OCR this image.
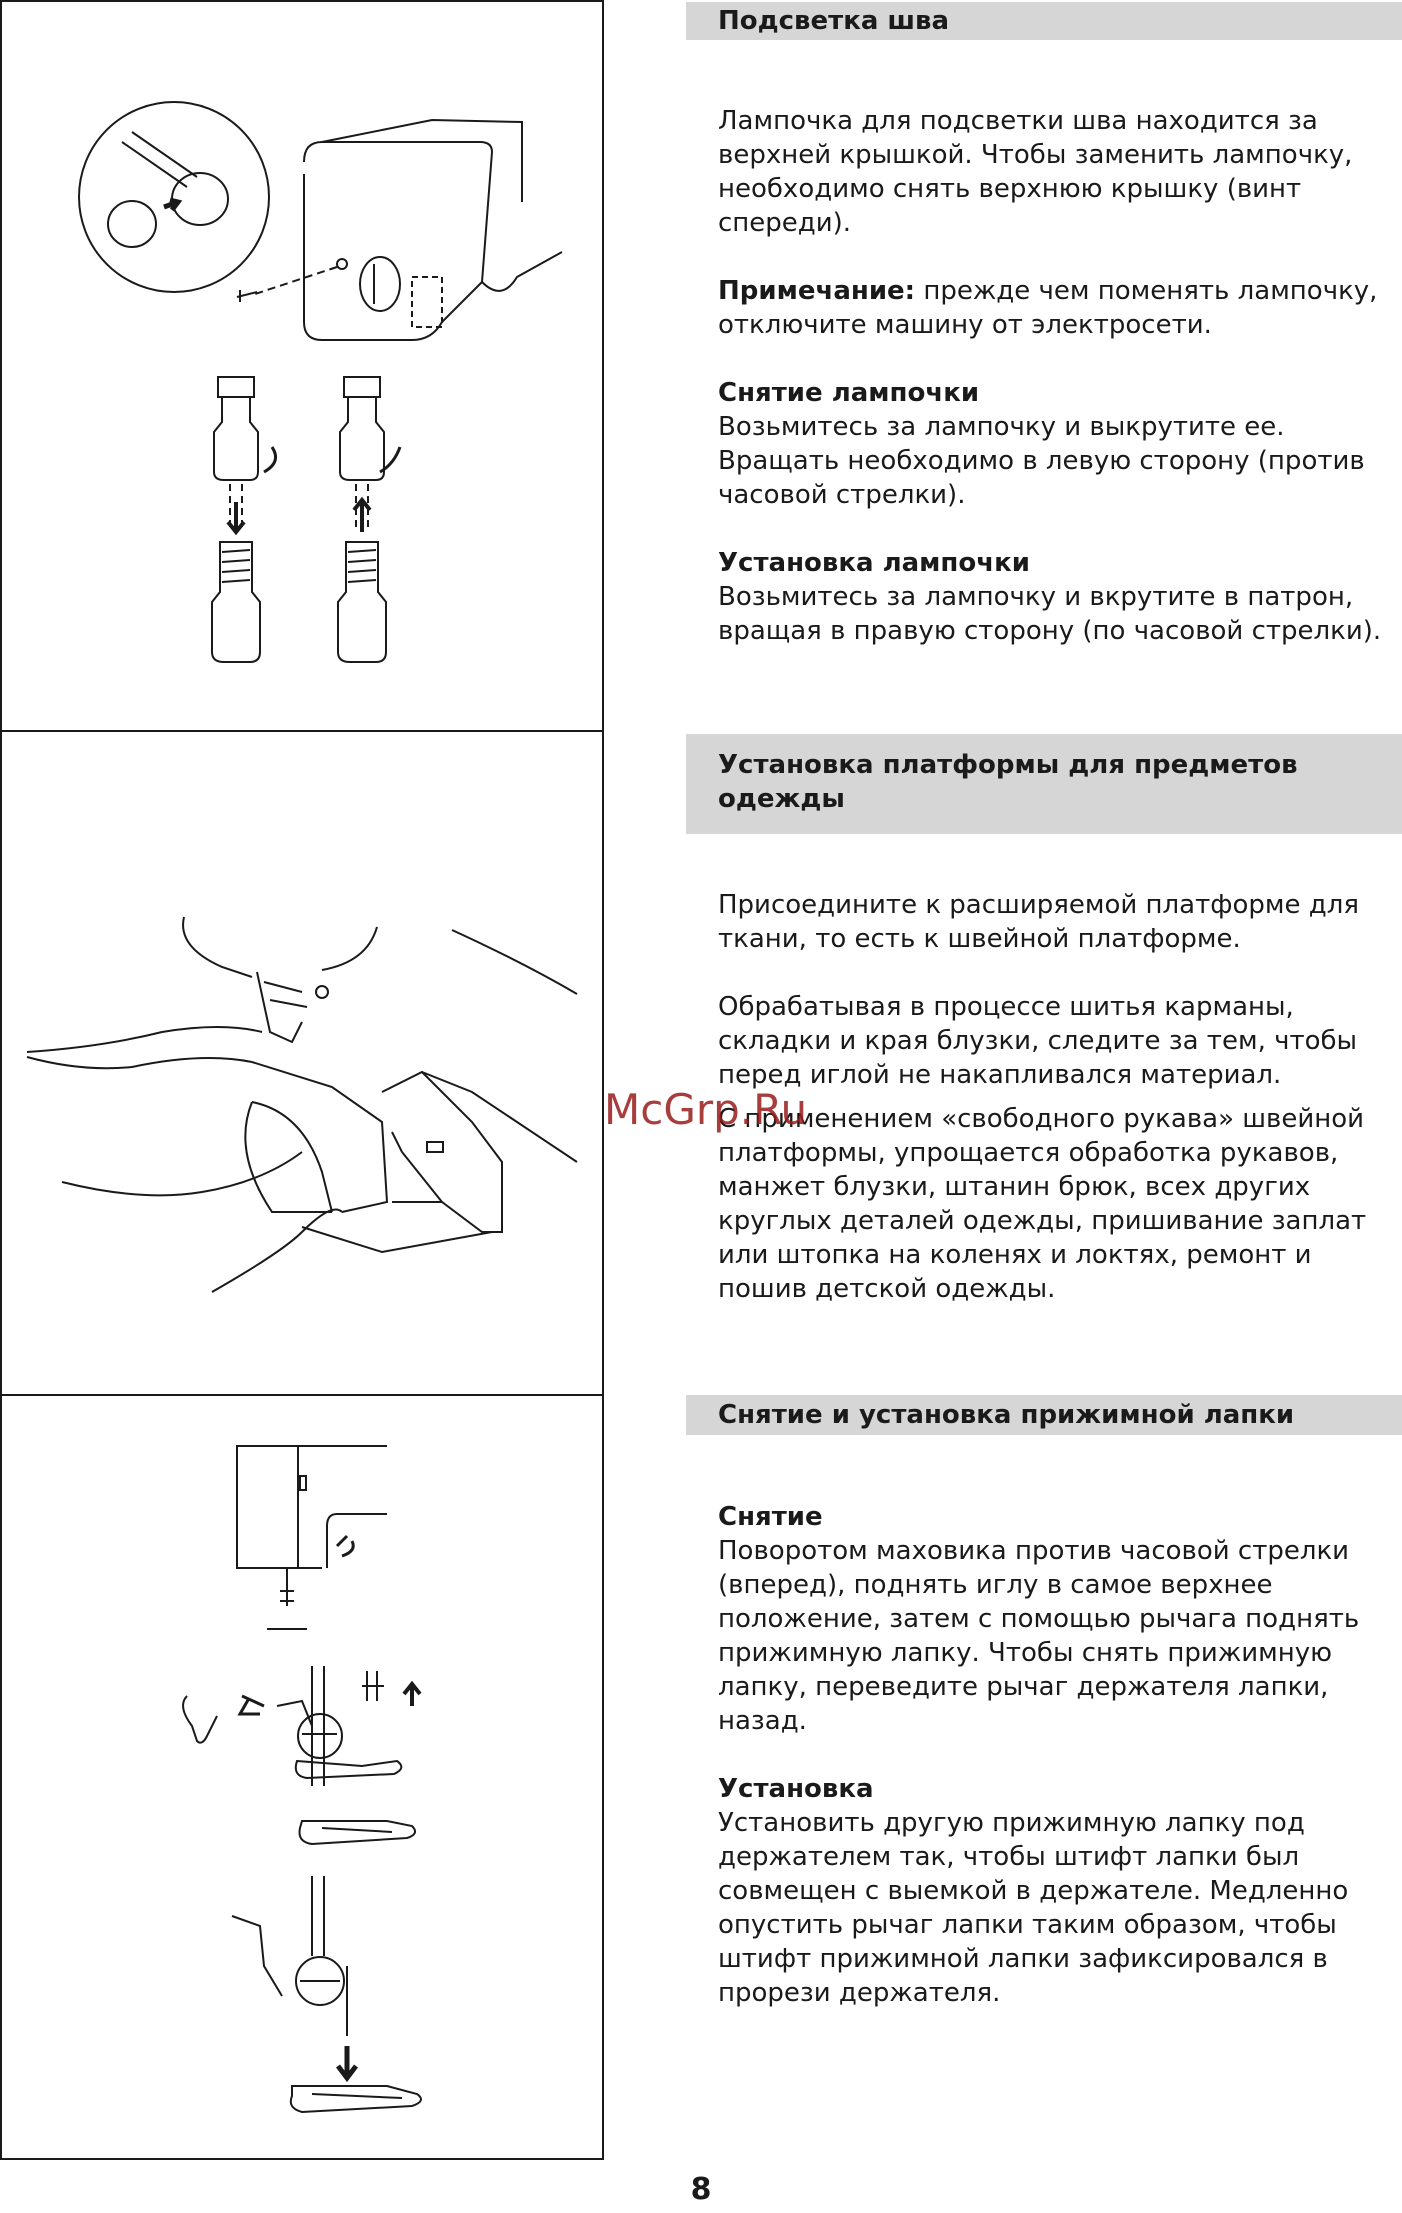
Подсветка шва

Лампочка для подсветки шва находится за верхней крышкой. Чтобы заменить лампочку, необходимо снять верхнюю крышку (винт спереди).

Примечание: прежде чем поменять лампочку, отключите машину от электросети.

Снятие лампочки

Возьмитесь за лампочку и выкрутите ее. Вращать необходимо в левую сторону (против часовой стрелки).

Установка лампочки

Возьмитесь за лампочку и вкрутите в патрон, вращая в правую сторону (по часовой стрелки).

Установка платформы для предметов одежды

Присоедините к расширяемой платформе для ткани, то есть к швейной платформе.

Обрабатывая в процессе шитья карманы, складки и края блузки, следите за тем, чтобы перед иглой не накапливался материал.

С применением «свободного рукава» швейной платформы, упрощается обработка рукавов, манжет блузки, штанин брюк, всех других круглых деталей одежды, пришивание заплат или штопка на коленях и локтях, ремонт и пошив детской одежды.

Снятие и установка прижимной лапки

Снятие

Поворотом маховика против часовой стрелки (вперед), поднять иглу в самое верхнее положение, затем с помощью рычага поднять прижимную лапку. Чтобы снять прижимную лапку, переведите рычаг держателя лапки, назад.

Установка

Установить другую прижимную лапку под держателем так, чтобы штифт лапки был совмещен с выемкой в держателе. Медленно опустить рычаг лапки таким образом, чтобы штифт прижимной лапки зафиксировался в прорези держателя.

McGrp.Ru
8
